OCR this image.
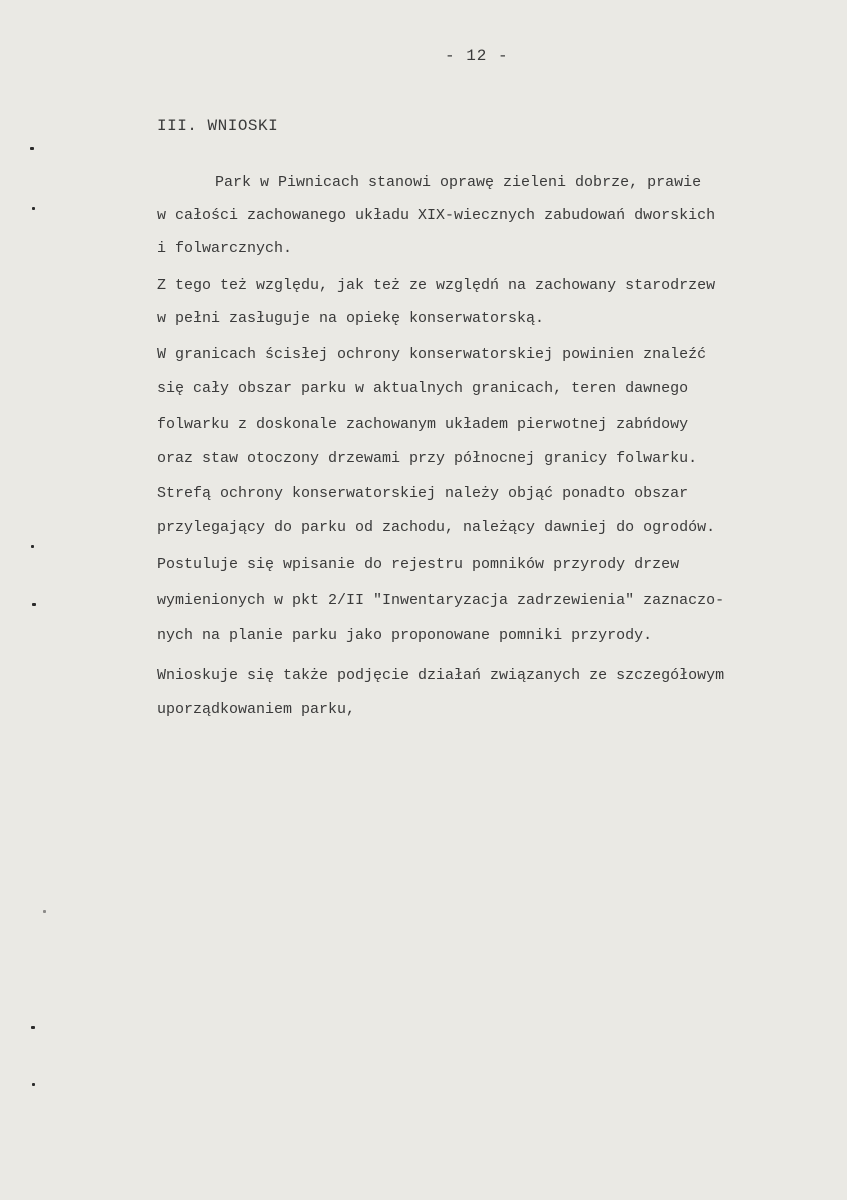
- 12 -
III. WNIOSKI
Park w Piwnicach stanowi oprawę zieleni dobrze, prawie
w całości zachowanego układu XIX-wiecznych zabudowań dworskich
i folwarcznych.
Z tego też względu, jak też ze względń na zachowany starodrzew
w pełni zasługuje na opiekę konserwatorską.
W granicach ścisłej ochrony konserwatorskiej powinien znaleźć
się cały obszar parku w aktualnych granicach, teren dawnego
folwarku z doskonale zachowanym układem pierwotnej zabńdowy
oraz staw otoczony drzewami przy północnej granicy folwarku.
Strefą ochrony konserwatorskiej należy objąć ponadto obszar
przylegający do parku od zachodu, należący dawniej do ogrodów.
Postuluje się wpisanie do rejestru pomników przyrody drzew
wymienionych w pkt 2/II "Inwentaryzacja zadrzewienia" zaznaczo-
nych na planie parku jako proponowane pomniki przyrody.
Wnioskuje się także podjęcie działań związanych ze szczegółowym
uporządkowaniem parku,
